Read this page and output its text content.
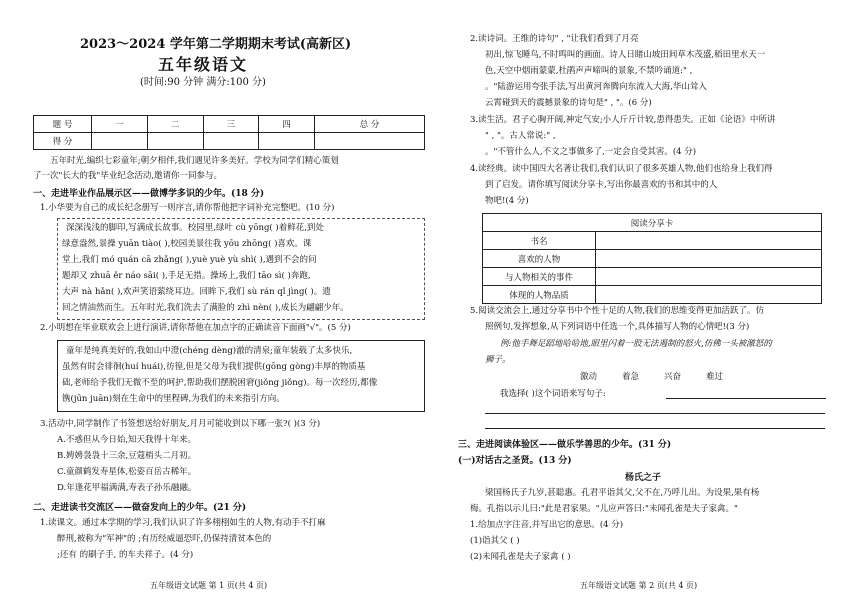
2023～2024 学年第二学期期末考试(高新区)
五年级语文
(时间:90 分钟 满分:100 分)
题 号	一	二	三	四	总 分
得 分					
五年时光,编织七彩童年;朝夕相伴,我们遇见许多美好。学校为同学们精心策划
了一次"长大的我"毕业纪念活动,邀请你一同参与。
一、走进毕业作品展示区——做博学多识的少年。(18 分)
1.小华要为自己的成长纪念册写一则序言,请你帮他把字词补充完整吧。(10 分)
深深浅浅的脚印,写满成长故事。校园里,绿叶 cù yōng( )着鲜花,到处
绿意盎然,景操 yuān tiào( ),校园美景往我 yōu zhōng( )喜欢。课
堂上,我们 mó quán cā zhǎng( ),yuè yuè yù shì( ),遇到不会的问
题却又 zhuā ěr náo sāi( ),手足无措。操场上,我们 tāo sì( )奔跑,
大声 nà hǎn( ),欢声笑语萦绕耳边。回眸下,我们 sù rán qǐ jìng( )。遗
回之情油然而生。五年时光,我们洗去了满脸的 zhì nèn( ),成长为翩翩少年。
2.小明想在毕业联欢会上进行演讲,请你帮他在加点字的正确读音下面画"√"。(5 分)
童年是纯真美好的,我如山中澄(chéng dèng)澈的清泉;童年装载了太多快乐,
虽然有时会徘徊(huí huái),彷徨,但是父母为我们提供(gōng gòng)丰厚的物质基
础,老师给予我们无微不至的呵护,帮助我们摆脱困窘(jiǒng jiǒng)。每一次经历,都像
镌(jūn juān)刻在生命中的里程碑,为我们的未来指引方向。
3.活动中,同学制作了书签想送给好朋友,月月可能收到以下哪一张?( )(3 分)
A.不惑但从今日始,知天我得十年来。
B.娉娉袅袅十三余,豆蔻梢头二月初。
C.童颜鹤发寿星体,松姿百岳古稀年。
D.年逢花甲福满满,寿表子孙乐融融。
二、走进读书交流区——做奋发向上的少年。(21 分)
1.读课文。通过本学期的学习,我们认识了许多栩栩如生的人物,有动手不打麻
醉刑,被称为"军神"的 ;有历经威逼恐吓,仍保持清贫本色的
;还有 的刷子手, 的车夫祥子。(4 分)
五年级语文试题 第 1 页(共 4 页)
2.读诗词。王维的诗句" , "让我们看到了月亮
初出,惊飞睡鸟,不时鸣叫的画面。诗人日睹山坡田间草木茂盛,稻田里水天一
色,天空中烟雨蒙蒙,杜鹃声声啼叫的景象,不禁吟诵道:" ,
。"陆游运用夸张手法,写出黄河奔腾向东流入大海,华山耸入
云霄碰到天的震撼景象的诗句是" , "。(6 分)
3.读生活。君子心胸开阔,神定气安;小人斤斤计较,患得患失。正如《论语》中所讲
" , "。古人常说:" ,
。"不管什么人,不文之事做多了,一定会自受其害。(4 分)
4.读经典。读中国四大名著让我们,我们认识了很多英雄人物,他们也给身上我们得
到了启发。请你填写阅读分享卡,写出你最喜欢的书和其中的人
物吧!(4 分)
阅读分享卡	
书名	
喜欢的人物	
与人物相关的事件	
体现的人物品质	
5.阅读交流会上,通过分享书中个性十足的人物,我们的思维变得更加活跃了。仿
照例句,发挥想象,从下列词语中任选一个,具体描写人物的心情吧!(3 分)
例:他手舞足蹈地哈哈地,眼里闪着一股无法遏制的怒火,仿佛一头被激怒的
狮子。
激动	着急	兴奋	难过
我选择( )这个词语来写句子:
三、走进阅读体验区——做乐学善思的少年。(31 分)
(一)对话古之圣贤。(13 分)
杨氏之子
梁国杨氏子九岁,甚聪惠。孔君平诣其父,父不在,乃呼儿出。为设果,果有杨
梅。孔指以示儿曰:"此是君家果。"儿应声答曰:"未闻孔雀是夫子家禽。"
1.给加点字注音,并写出它的意思。(4 分)
(1)诣其父 ( )
(2)未闻孔雀是夫子家禽 ( )
五年级语文试题 第 2 页(共 4 页)
